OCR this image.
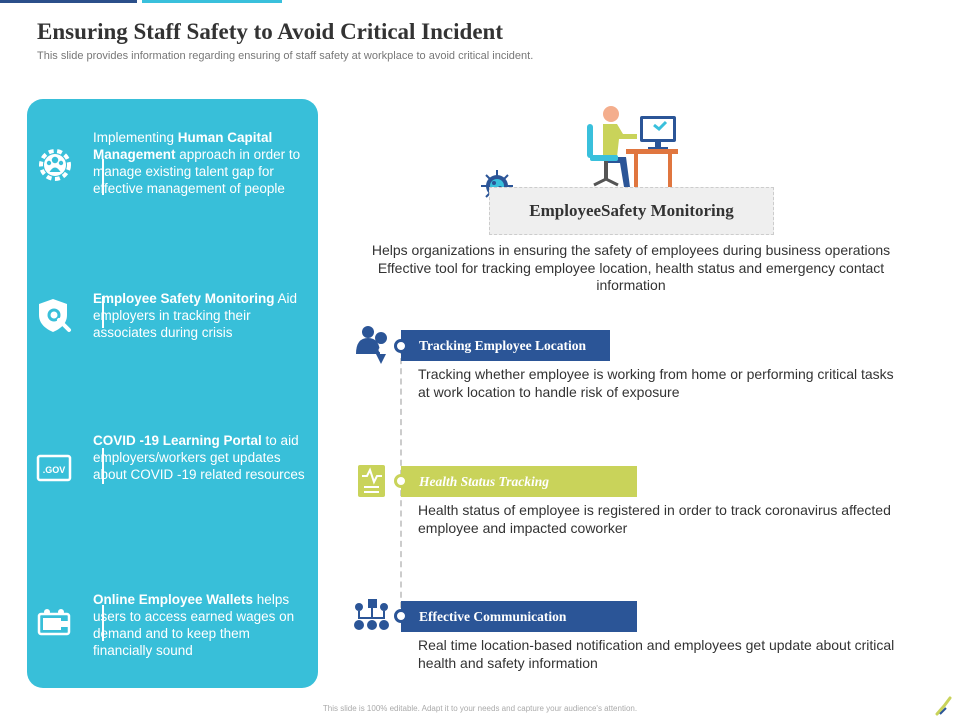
Ensuring Staff Safety to Avoid Critical Incident
This slide provides information regarding ensuring of staff safety at workplace to avoid critical incident.
Implementing Human Capital Management approach in order to manage existing talent gap for effective management of people
Employee Safety Monitoring Aid employers in tracking their associates during crisis
.GOV
COVID -19 Learning Portal to aid employers/workers get updates about COVID -19 related resources
Online Employee Wallets helps users to access earned wages on demand and to keep them financially sound
EmployeeSafety Monitoring
Helps organizations in ensuring the safety of employees during business operations Effective tool for tracking employee location, health status and emergency contact information
Tracking Employee Location
Tracking whether employee is working from home or performing critical tasks at work location to handle risk of exposure
Health Status Tracking
Health status of employee is registered in order to track coronavirus affected employee and impacted coworker
Effective Communication
Real time location-based notification and employees get update about critical health and safety information
This slide is 100% editable. Adapt it to your needs and capture your audience's attention.
